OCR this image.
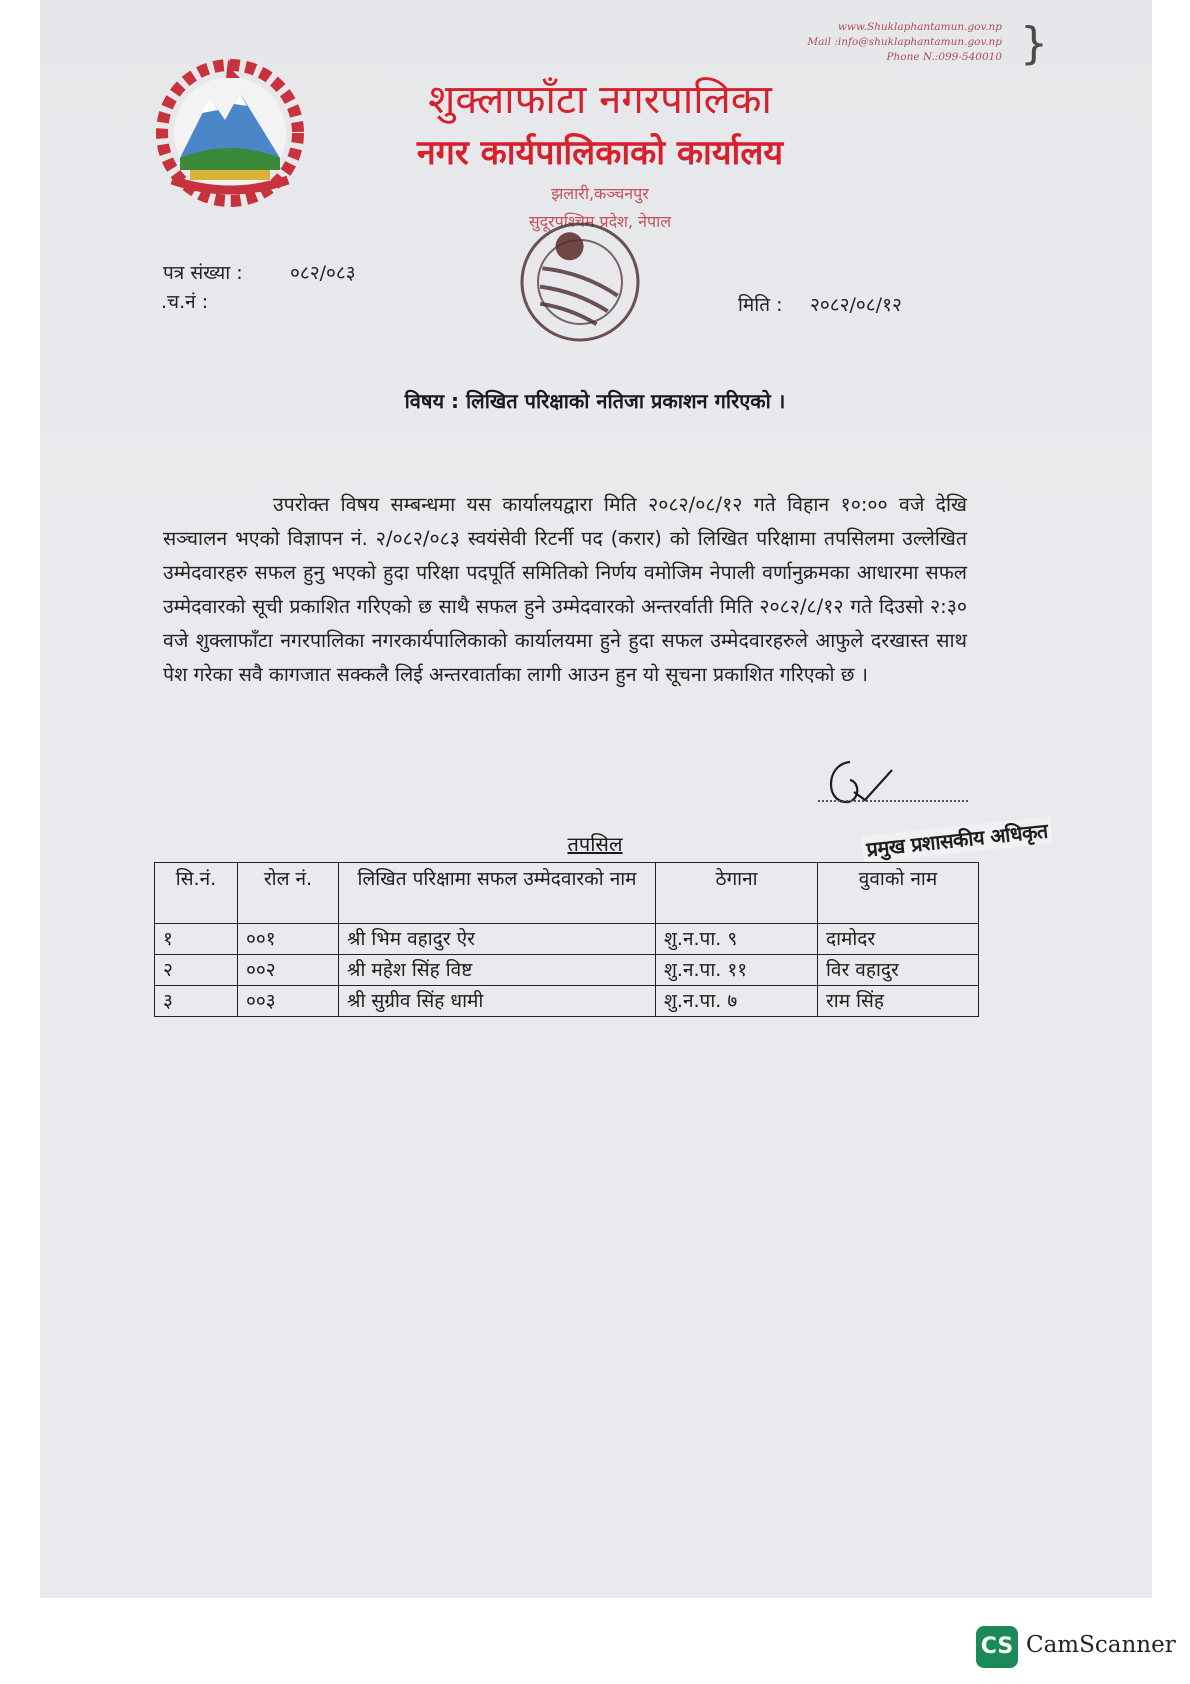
www.Shuklaphantamun.gov.np
Mail :info@shuklaphantamun.gov.np
Phone N.:099-540010 }
शुक्लाफाँटा नगरपालिका
नगर कार्यपालिकाको कार्यालय
झलारी,कञ्चनपुर
सुदूरपश्चिम प्रदेश, नेपाल
पत्र संख्या : ०८२/०८३
.च.नं :	मिति : २०८२/०८/१२
विषय : लिखित परिक्षाको नतिजा प्रकाशन गरिएको ।
उपरोक्त विषय सम्बन्धमा यस कार्यालयद्वारा मिति २०८२/०८/१२ गते विहान १०:०० वजे देखि सञ्चालन भएको विज्ञापन नं. २/०८२/०८३ स्वयंसेवी रिटर्नी पद (करार) को लिखित परिक्षामा तपसिलमा उल्लेखित उम्मेदवारहरु सफल हुनु भएको हुदा परिक्षा पदपूर्ति समितिको निर्णय वमोजिम नेपाली वर्णानुक्रमका आधारमा सफल उम्मेदवारको सूची प्रकाशित गरिएको छ साथै सफल हुने उम्मेदवारको अन्तरर्वाती मिति २०८२/८/१२ गते दिउसो २:३० वजे शुक्लाफाँटा नगरपालिका नगरकार्यपालिकाको कार्यालयमा हुने हुदा सफल उम्मेदवारहरुले आफुले दरखास्त साथ पेश गरेका सवै कागजात सक्कलै लिई अन्तरवार्ताका लागी आउन हुन यो सूचना प्रकाशित गरिएको छ ।
प्रमुख प्रशासकीय अधिकृत
तपसिल
सि.नं.	रोल नं.	लिखित परिक्षामा सफल उम्मेदवारको नाम	ठेगाना	वुवाको नाम
१	००१	श्री भिम वहादुर ऐर	शु.न.पा. ९	दामोदर
२	००२	श्री महेश सिंह विष्ट	शु.न.पा. ११	विर वहादुर
३	००३	श्री सुग्रीव सिंह धामी	शु.न.पा. ७	राम सिंह
CS CamScanner
